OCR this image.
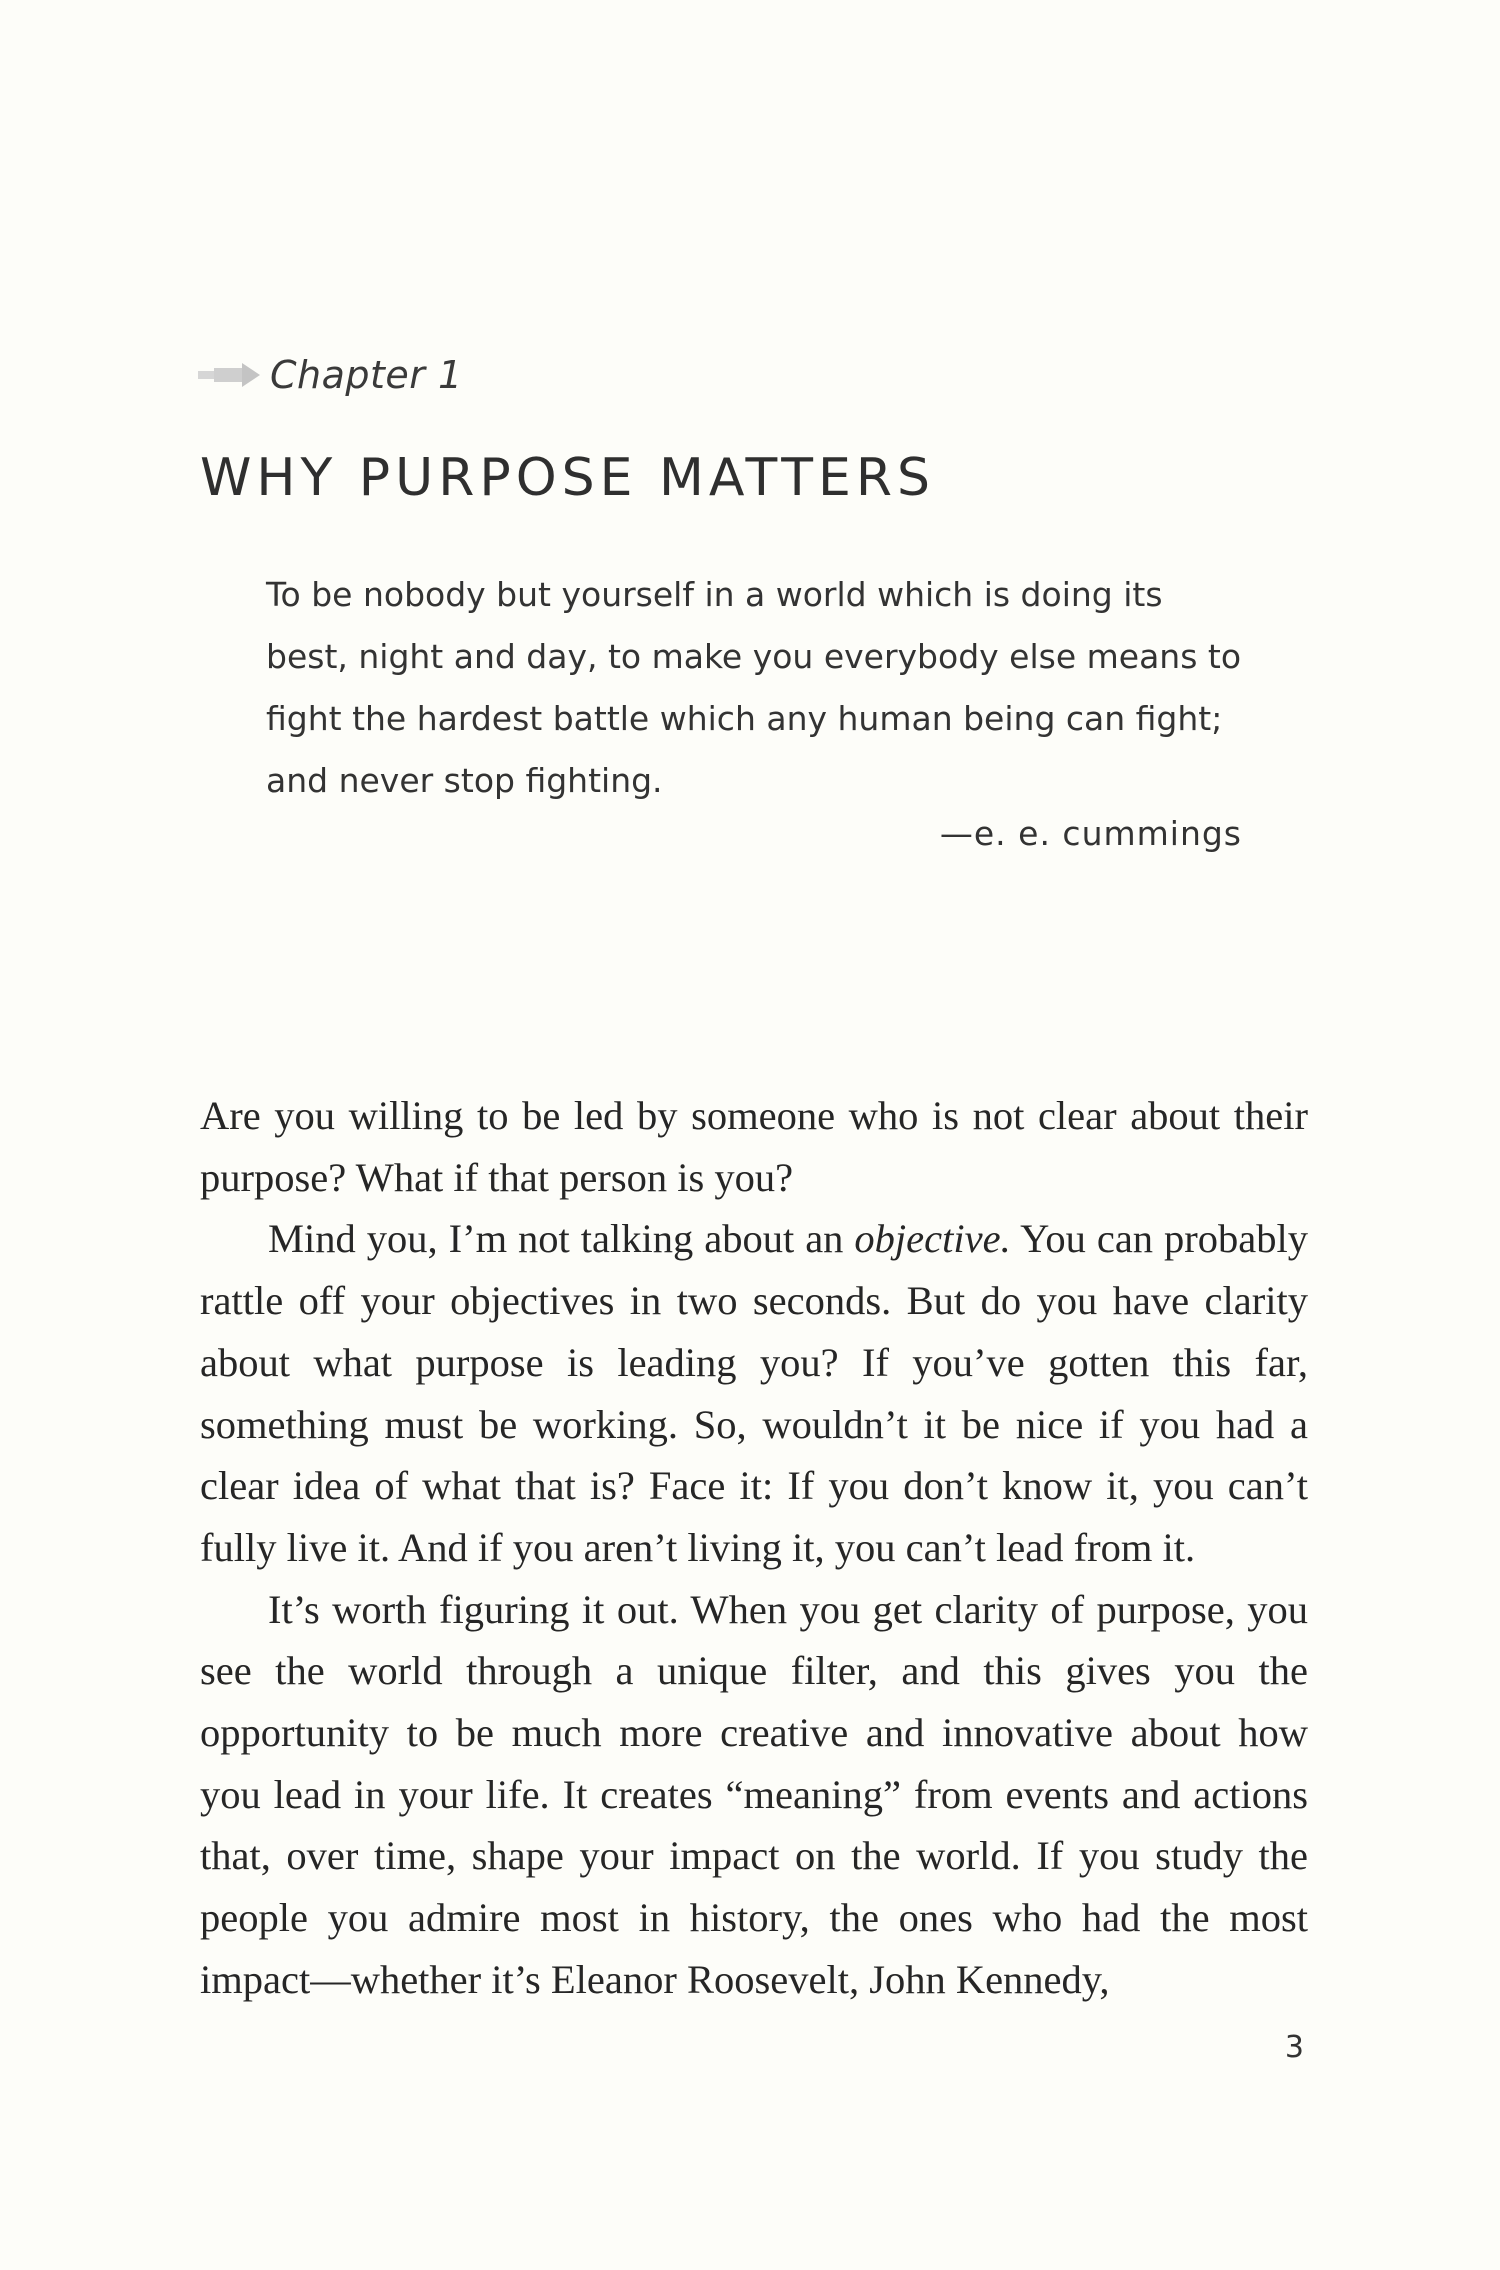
Chapter 1
WHY PURPOSE MATTERS

To be nobody but yourself in a world which is doing its best, night and day, to make you everybody else means to fight the hardest battle which any human being can fight; and never stop fighting.

—e. e. cummings

Are you willing to be led by someone who is not clear about their purpose? What if that person is you?

Mind you, I’m not talking about an objective. You can probably rattle off your objectives in two seconds. But do you have clarity about what purpose is leading you? If you’ve gotten this far, something must be working. So, wouldn’t it be nice if you had a clear idea of what that is? Face it: If you don’t know it, you can’t fully live it. And if you aren’t living it, you can’t lead from it.

It’s worth figuring it out. When you get clarity of purpose, you see the world through a unique filter, and this gives you the opportunity to be much more creative and innovative about how you lead in your life. It creates “meaning” from events and actions that, over time, shape your impact on the world. If you study the people you admire most in history, the ones who had the most impact—whether it’s Eleanor Roosevelt, John Kennedy,

3
